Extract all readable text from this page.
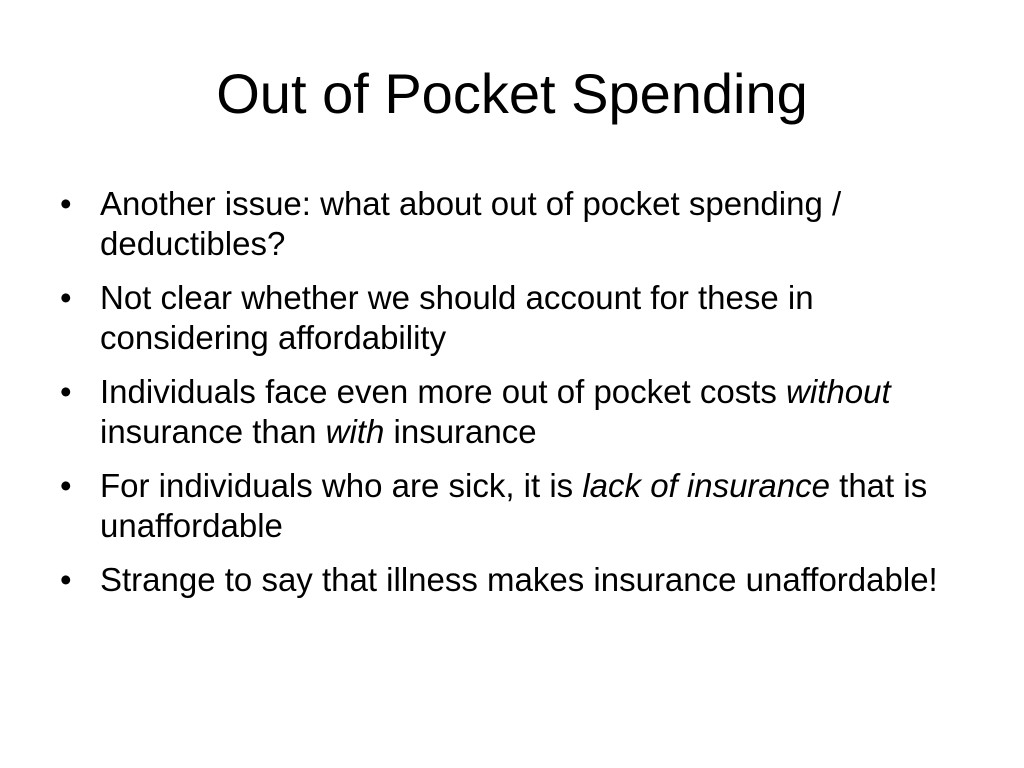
Out of Pocket Spending
• Another issue: what about out of pocket spending / deductibles?
• Not clear whether we should account for these in considering affordability
• Individuals face even more out of pocket costs without insurance than with insurance
• For individuals who are sick, it is lack of insurance that is unaffordable
• Strange to say that illness makes insurance unaffordable!
